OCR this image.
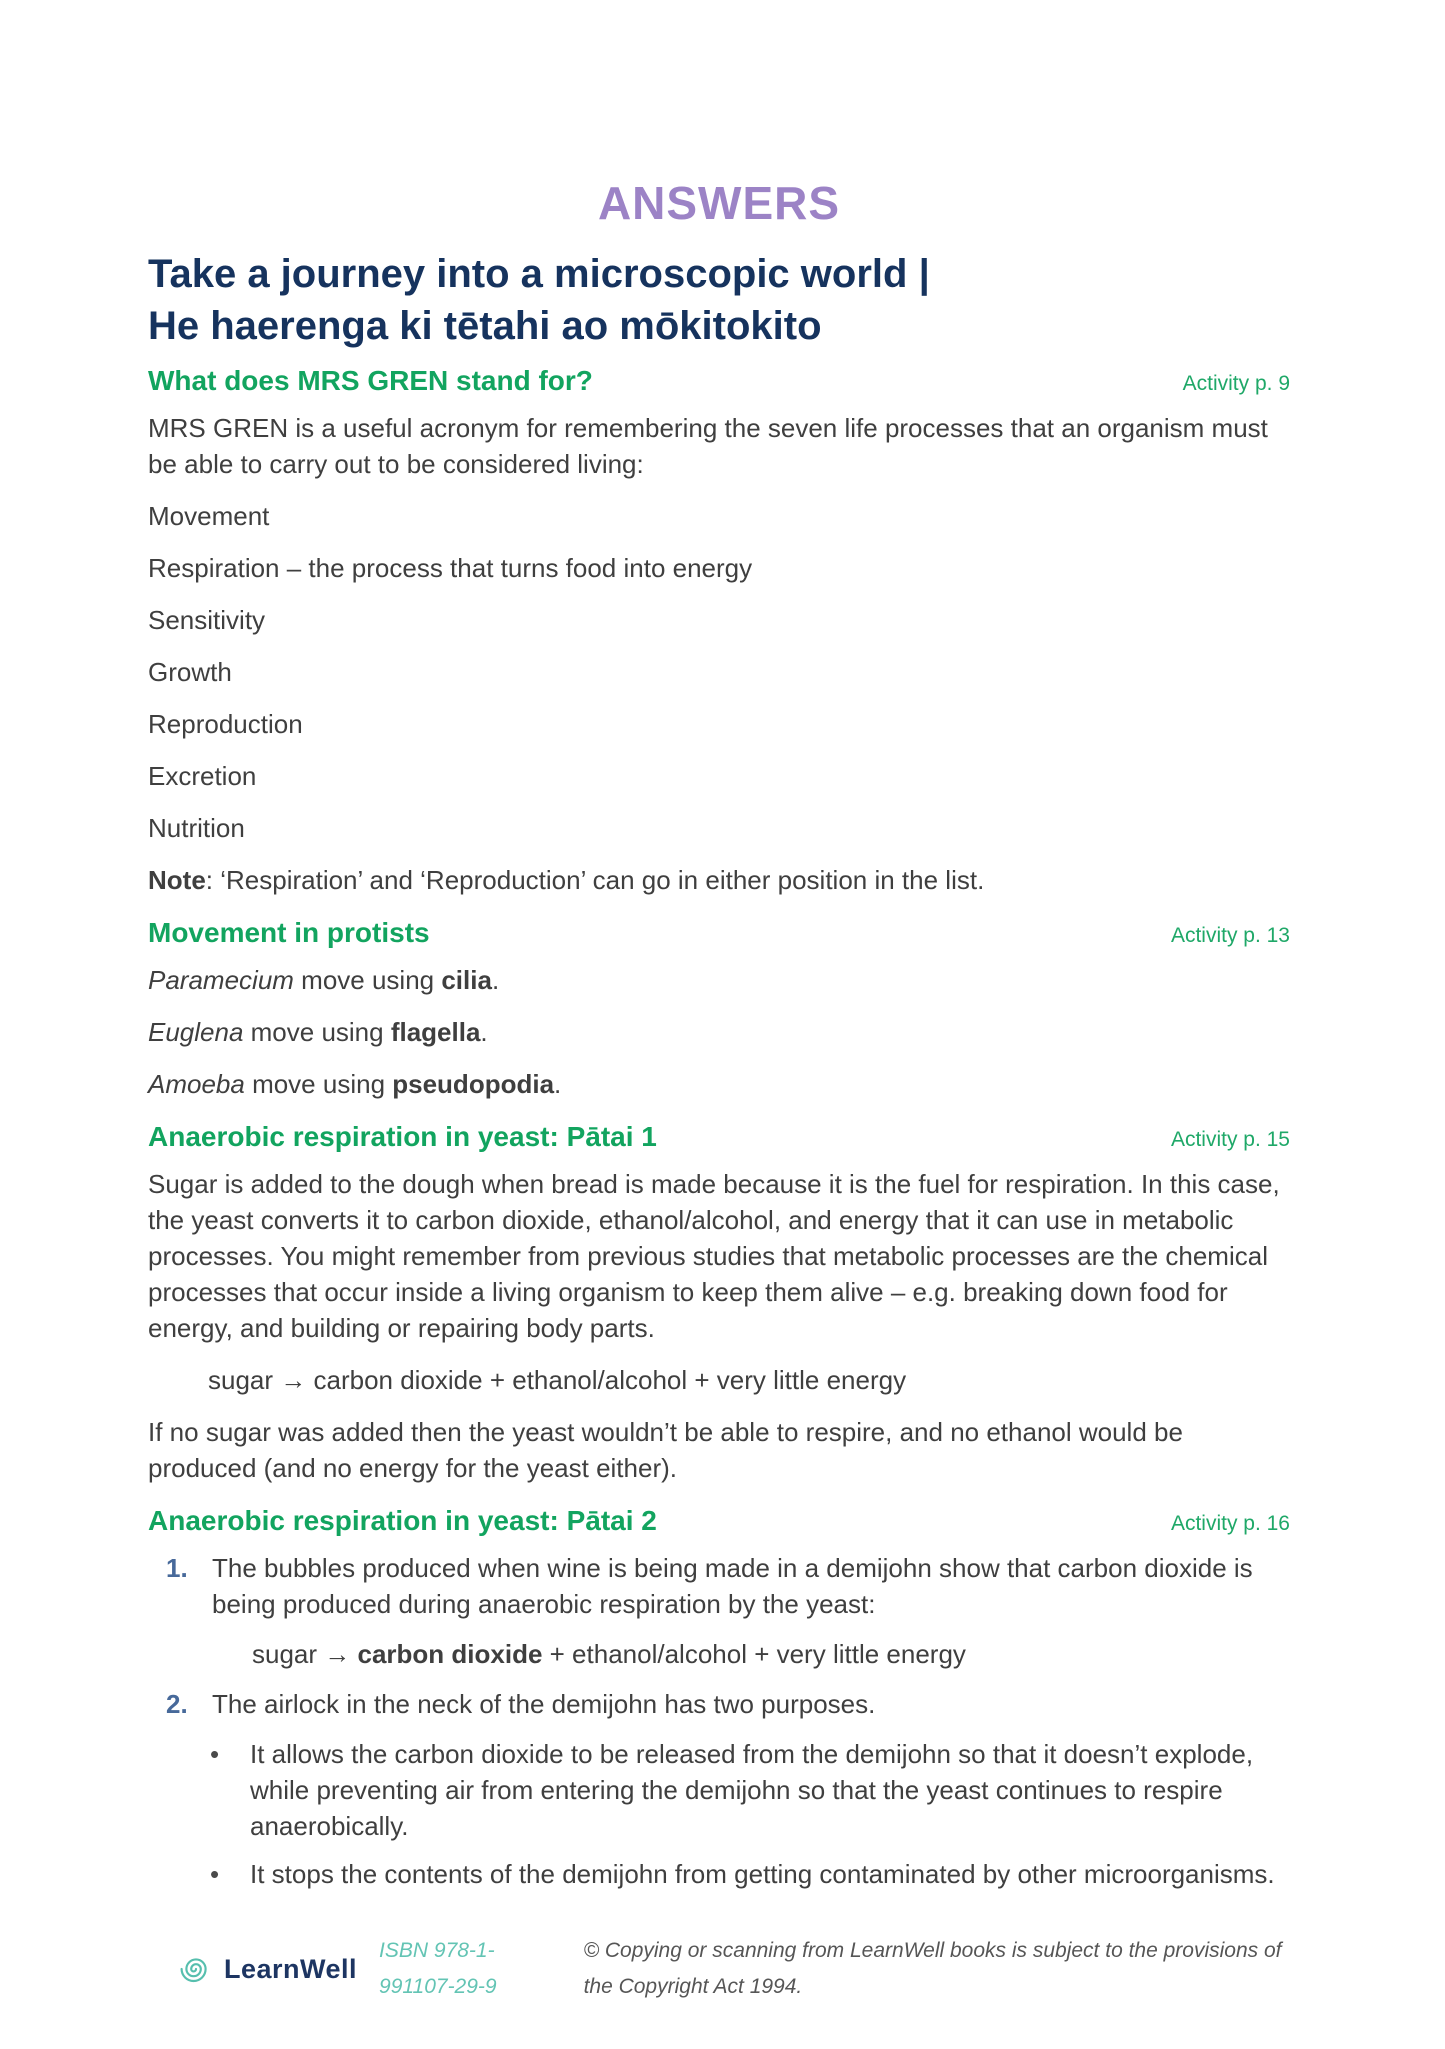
ANSWERS
Take a journey into a microscopic world |
He haerenga ki tētahi ao mōkitokito
What does MRS GREN stand for?	Activity p. 9

MRS GREN is a useful acronym for remembering the seven life processes that an organism must be able to carry out to be considered living:

Movement

Respiration – the process that turns food into energy

Sensitivity

Growth

Reproduction

Excretion

Nutrition

Note: ‘Respiration’ and ‘Reproduction’ can go in either position in the list.

Movement in protists	Activity p. 13

Paramecium move using cilia.

Euglena move using flagella.

Amoeba move using pseudopodia.

Anaerobic respiration in yeast: Pātai 1	Activity p. 15

Sugar is added to the dough when bread is made because it is the fuel for respiration. In this case, the yeast converts it to carbon dioxide, ethanol/alcohol, and energy that it can use in metabolic processes. You might remember from previous studies that metabolic processes are the chemical processes that occur inside a living organism to keep them alive – e.g. breaking down food for energy, and building or repairing body parts.

sugar → carbon dioxide + ethanol/alcohol + very little energy

If no sugar was added then the yeast wouldn’t be able to respire, and no ethanol would be produced (and no energy for the yeast either).

Anaerobic respiration in yeast: Pātai 2	Activity p. 16
1. The bubbles produced when wine is being made in a demijohn show that carbon dioxide is being produced during anaerobic respiration by the yeast:
sugar → carbon dioxide + ethanol/alcohol + very little energy
2. The airlock in the neck of the demijohn has two purposes.
•	It allows the carbon dioxide to be released from the demijohn so that it doesn’t explode, while preventing air from entering the demijohn so that the yeast continues to respire anaerobically.
•	It stops the contents of the demijohn from getting contaminated by other microorganisms.
LearnWell
ISBN 978-1-991107-29-9
© Copying or scanning from LearnWell books is subject to the provisions of the Copyright Act 1994.
